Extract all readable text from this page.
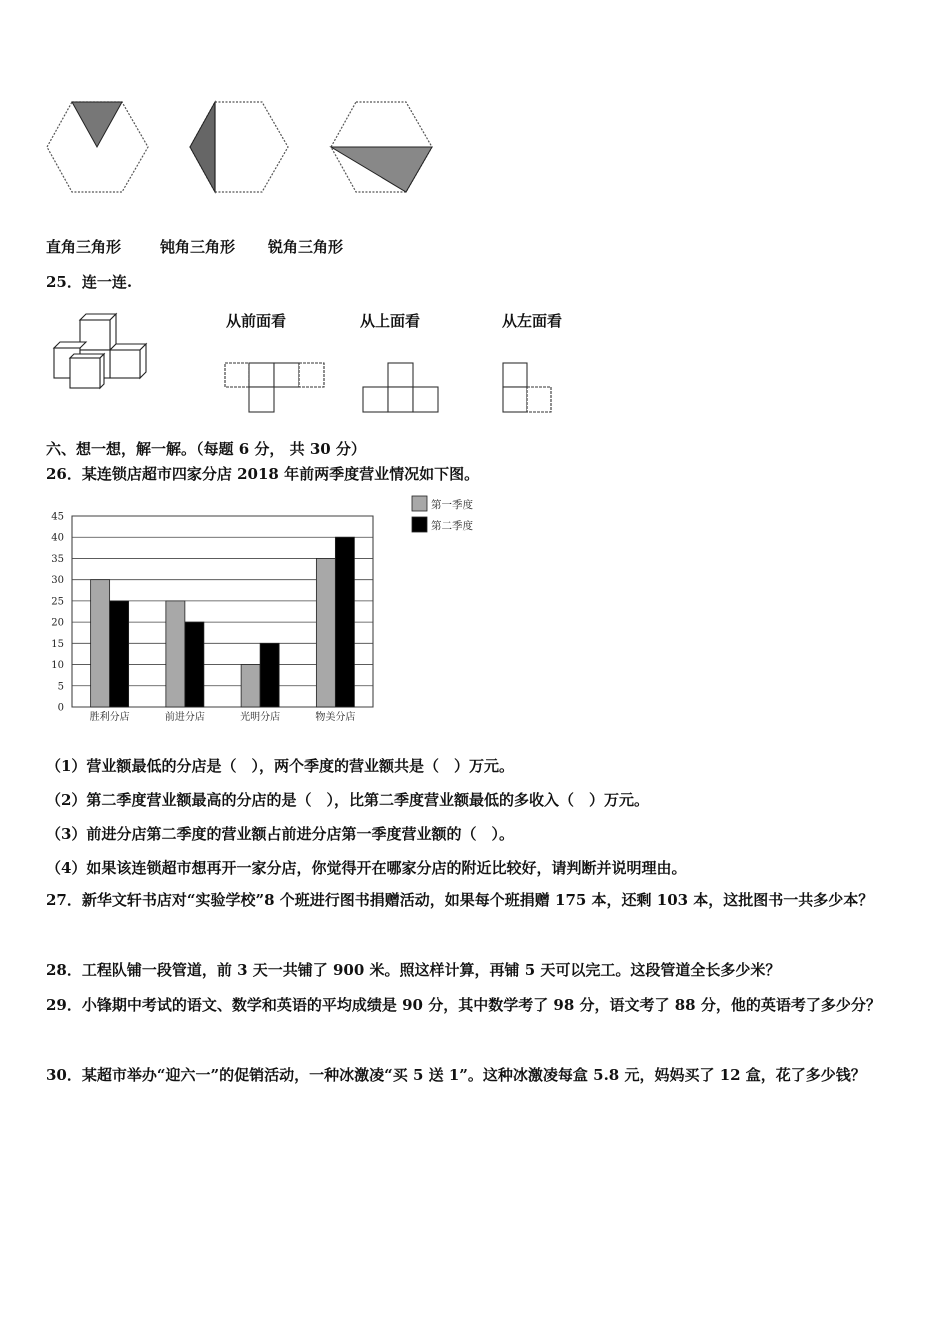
直角三角形	钝角三角形 锐角三角形
25．连一连.
从前面看	从上面看	从左面看
六、想一想，解一解。（每题 6 分， 共 30 分）
26．某连锁店超市四家分店 2018 年前两季度营业情况如下图。
0
5
10
15
20
25
30
35
40
45
胜利分店	前进分店	光明分店	物美分店
第一季度
第二季度
（1）营业额最低的分店是（　），两个季度的营业额共是（　）万元。
（2）第二季度营业额最高的分店的是（　），比第二季度营业额最低的多收入（　）万元。
（3）前进分店第二季度的营业额占前进分店第一季度营业额的（　）。
（4）如果该连锁超市想再开一家分店，你觉得开在哪家分店的附近比较好，请判断并说明理由。
27．新华文轩书店对“实验学校”8 个班进行图书捐赠活动，如果每个班捐赠 175 本，还剩 103 本，这批图书一共多少本？
28．工程队铺一段管道，前 3 天一共铺了 900 米。照这样计算，再铺 5 天可以完工。这段管道全长多少米？
29．小锋期中考试的语文、数学和英语的平均成绩是 90 分，其中数学考了 98 分，语文考了 88 分，他的英语考了多少分？
30．某超市举办“迎六一”的促销活动，一种冰激凌“买 5 送 1”。这种冰激凌每盒 5.8 元，妈妈买了 12 盒，花了多少钱？
